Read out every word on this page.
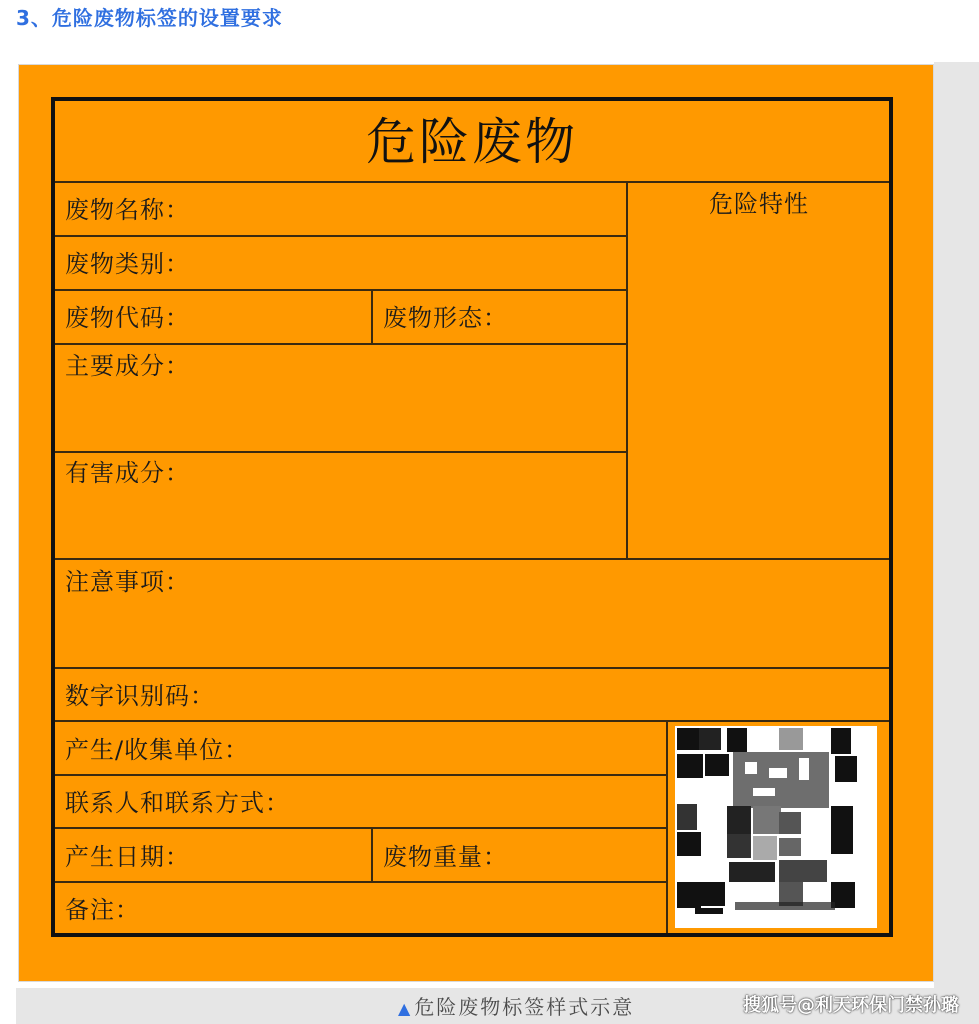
3、危险废物标签的设置要求
危险废物
废物名称：
废物类别：
废物代码：	废物形态：
主要成分：
有害成分：
危险特性
注意事项：
数字识别码：
产生/收集单位：
联系人和联系方式：
产生日期：	废物重量：
备注：
▲ 危险废物标签样式示意	搜狐号@利天环保门禁孙璐
